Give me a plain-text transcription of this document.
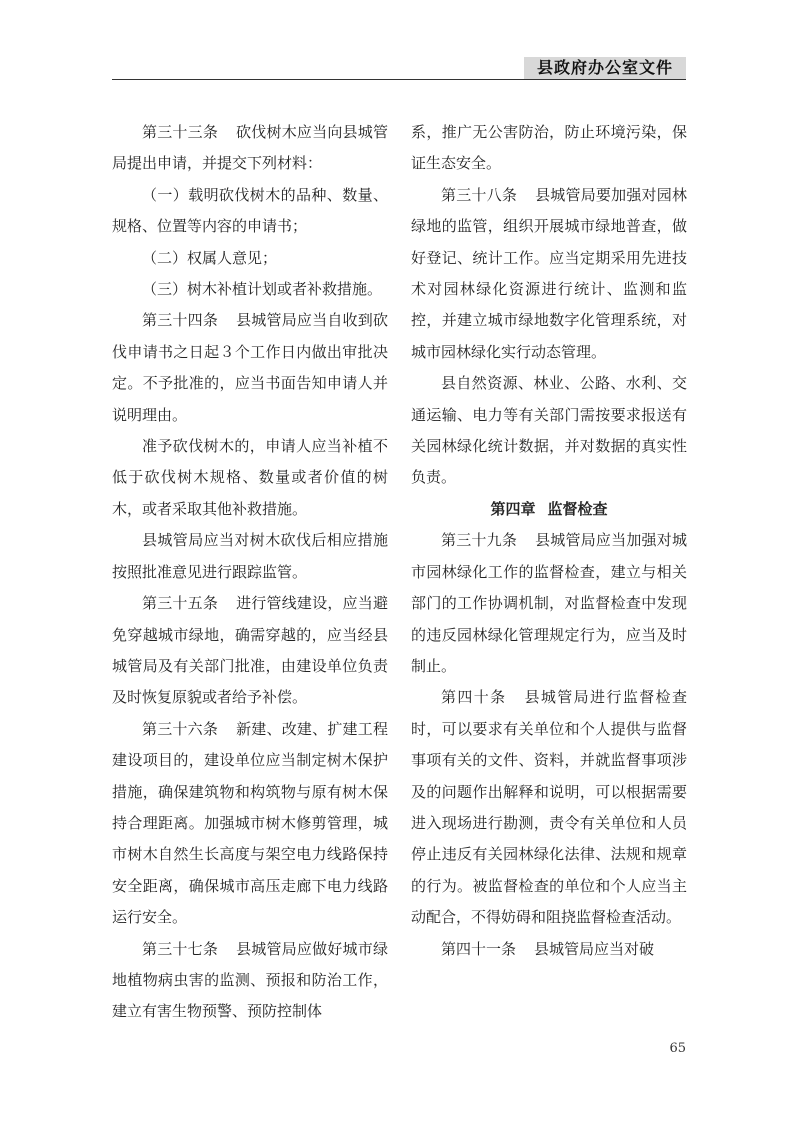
县政府办公室文件

第三十三条 砍伐树木应当向县城管局提出申请，并提交下列材料：

（一）载明砍伐树木的品种、数量、规格、位置等内容的申请书；

（二）权属人意见；

（三）树木补植计划或者补救措施。

第三十四条 县城管局应当自收到砍伐申请书之日起３个工作日内做出审批决定。不予批准的，应当书面告知申请人并说明理由。

准予砍伐树木的，申请人应当补植不低于砍伐树木规格、数量或者价值的树木，或者采取其他补救措施。

县城管局应当对树木砍伐后相应措施按照批准意见进行跟踪监管。

第三十五条 进行管线建设，应当避免穿越城市绿地，确需穿越的，应当经县城管局及有关部门批准，由建设单位负责及时恢复原貌或者给予补偿。

第三十六条 新建、改建、扩建工程建设项目的，建设单位应当制定树木保护措施，确保建筑物和构筑物与原有树木保持合理距离。加强城市树木修剪管理，城市树木自然生长高度与架空电力线路保持安全距离，确保城市高压走廊下电力线路运行安全。

第三十七条 县城管局应做好城市绿地植物病虫害的监测、预报和防治工作，建立有害生物预警、预防控制体

系，推广无公害防治，防止环境污染，保证生态安全。

第三十八条 县城管局要加强对园林绿地的监管，组织开展城市绿地普查，做好登记、统计工作。应当定期采用先进技术对园林绿化资源进行统计、监测和监控，并建立城市绿地数字化管理系统，对城市园林绿化实行动态管理。

县自然资源、林业、公路、水利、交通运输、电力等有关部门需按要求报送有关园林绿化统计数据，并对数据的真实性负责。

第四章 监督检查

第三十九条 县城管局应当加强对城市园林绿化工作的监督检查，建立与相关部门的工作协调机制，对监督检查中发现的违反园林绿化管理规定行为，应当及时制止。

第四十条 县城管局进行监督检查时，可以要求有关单位和个人提供与监督事项有关的文件、资料，并就监督事项涉及的问题作出解释和说明，可以根据需要进入现场进行勘测，责令有关单位和人员停止违反有关园林绿化法律、法规和规章的行为。被监督检查的单位和个人应当主动配合，不得妨碍和阻挠监督检查活动。

第四十一条 县城管局应当对破

65
